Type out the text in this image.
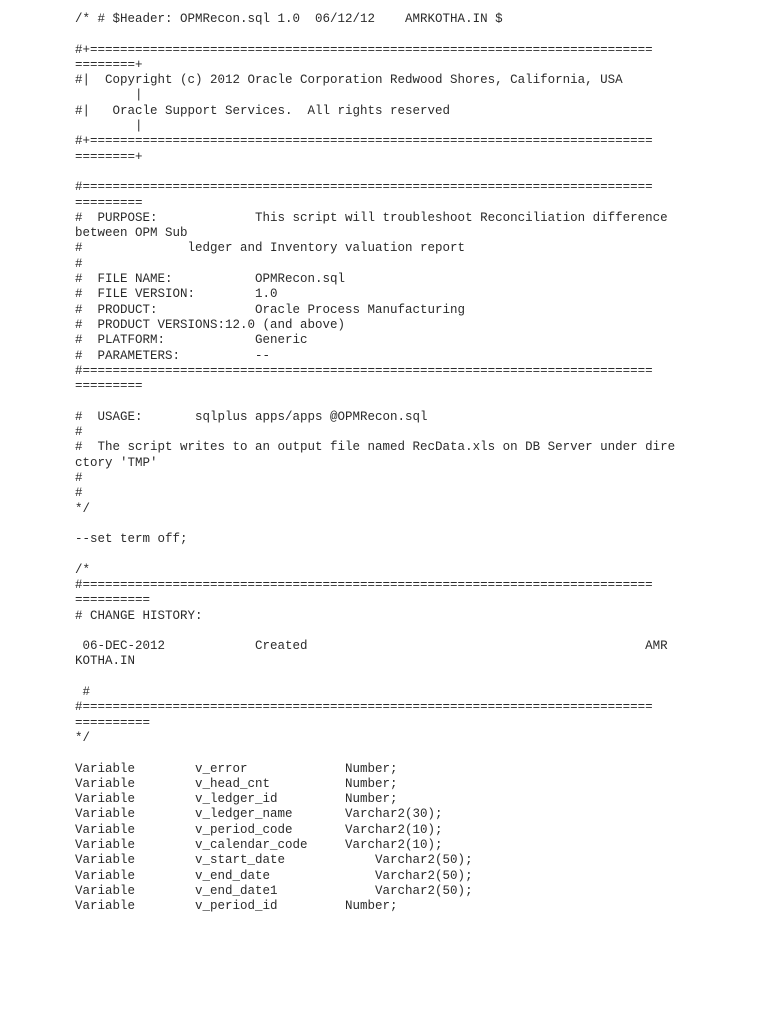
/* # $Header: OPMRecon.sql 1.0  06/12/12    AMRKOTHA.IN $
#+===========================================================================
========+
#|  Copyright (c) 2012 Oracle Corporation Redwood Shores, California, USA
|
#|   Oracle Support Services.  All rights reserved
|
#+===========================================================================
========+
#============================================================================
=========
#  PURPOSE:             This script will troubleshoot Reconciliation difference
between OPM Sub
#              ledger and Inventory valuation report
#
#  FILE NAME:           OPMRecon.sql
#  FILE VERSION:        1.0
#  PRODUCT:             Oracle Process Manufacturing
#  PRODUCT VERSIONS:12.0 (and above)
#  PLATFORM:            Generic
#  PARAMETERS:          --
#============================================================================
=========
#  USAGE:       sqlplus apps/apps @OPMRecon.sql
#
#  The script writes to an output file named RecData.xls on DB Server under dire
ctory 'TMP'
#
#
*/
--set term off;
/*
#============================================================================
==========
# CHANGE HISTORY:
06-DEC-2012            Created                                             AMR
KOTHA.IN
#
#============================================================================
==========
*/
Variable        v_error             Number;
Variable        v_head_cnt          Number;
Variable        v_ledger_id         Number;
Variable        v_ledger_name       Varchar2(30);
Variable        v_period_code       Varchar2(10);
Variable        v_calendar_code     Varchar2(10);
Variable        v_start_date            Varchar2(50);
Variable        v_end_date              Varchar2(50);
Variable        v_end_date1             Varchar2(50);
Variable        v_period_id         Number;
